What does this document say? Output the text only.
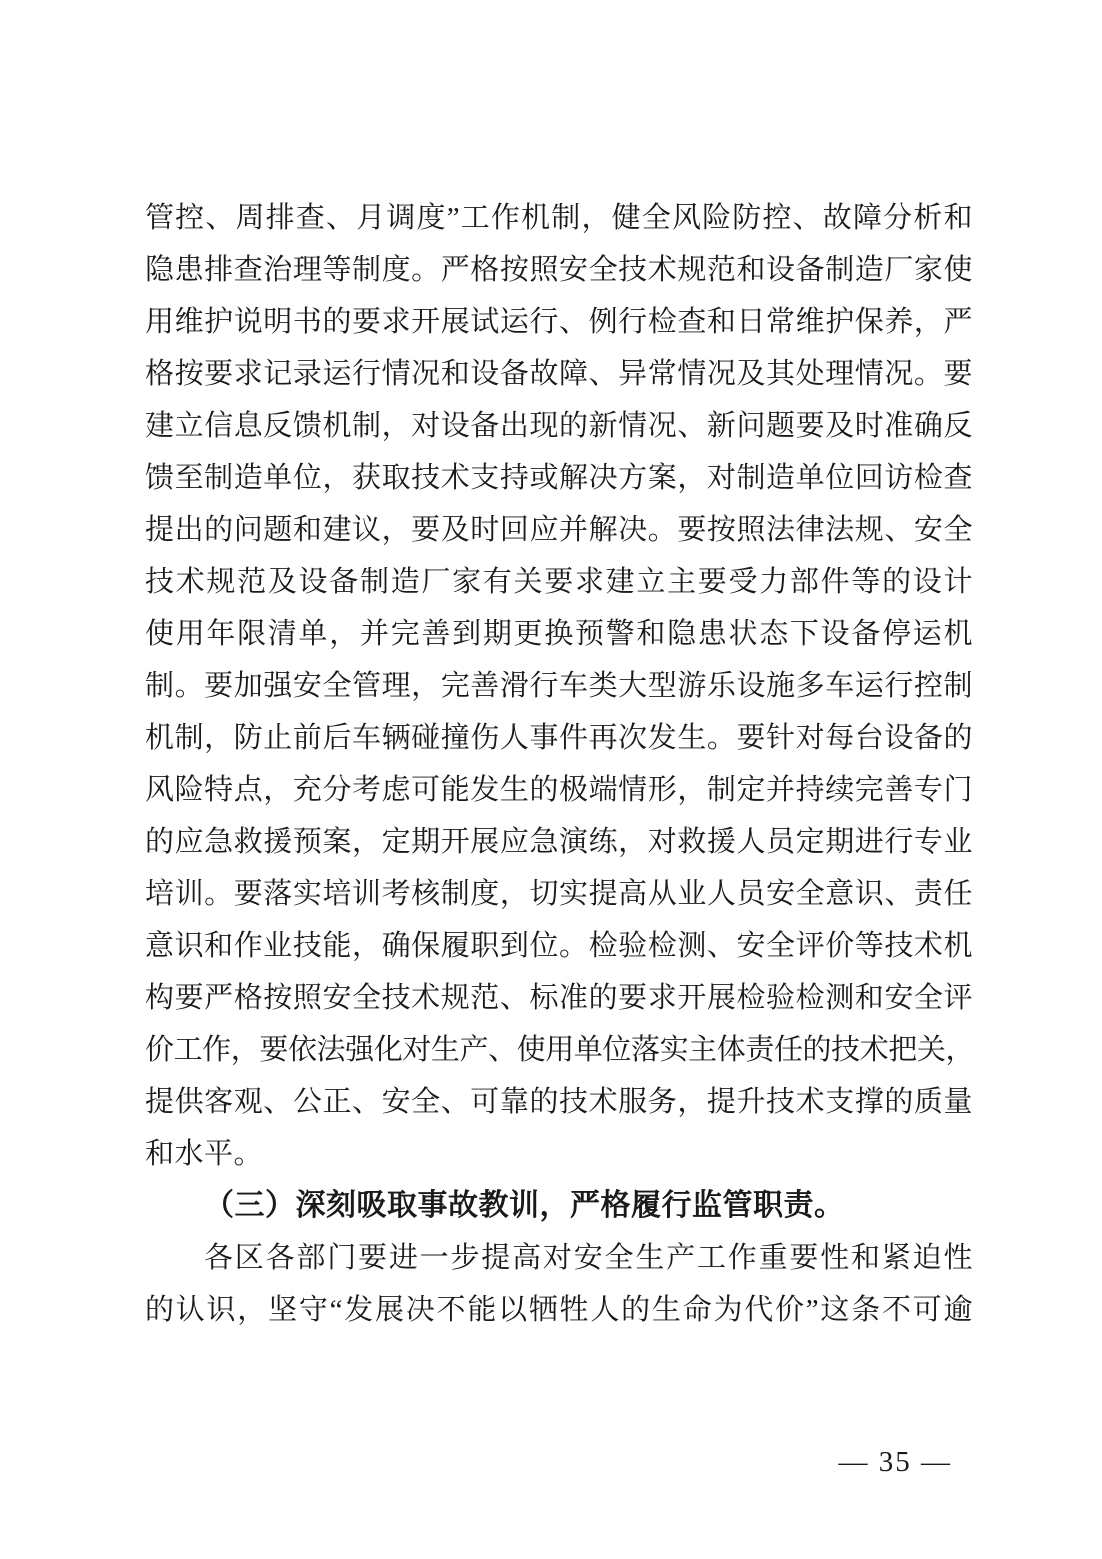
管控、周排查、月调度”工作机制，健全风险防控、故障分析和
隐患排查治理等制度。严格按照安全技术规范和设备制造厂家使
用维护说明书的要求开展试运行、例行检查和日常维护保养，严
格按要求记录运行情况和设备故障、异常情况及其处理情况。要
建立信息反馈机制，对设备出现的新情况、新问题要及时准确反
馈至制造单位，获取技术支持或解决方案，对制造单位回访检查
提出的问题和建议，要及时回应并解决。要按照法律法规、安全
技术规范及设备制造厂家有关要求建立主要受力部件等的设计
使用年限清单，并完善到期更换预警和隐患状态下设备停运机
制。要加强安全管理，完善滑行车类大型游乐设施多车运行控制
机制，防止前后车辆碰撞伤人事件再次发生。要针对每台设备的
风险特点，充分考虑可能发生的极端情形，制定并持续完善专门
的应急救援预案，定期开展应急演练，对救援人员定期进行专业
培训。要落实培训考核制度，切实提高从业人员安全意识、责任
意识和作业技能，确保履职到位。检验检测、安全评价等技术机
构要严格按照安全技术规范、标准的要求开展检验检测和安全评
价工作，要依法强化对生产、使用单位落实主体责任的技术把关，
提供客观、公正、安全、可靠的技术服务，提升技术支撑的质量
和水平。
（三）深刻吸取事故教训，严格履行监管职责。
各区各部门要进一步提高对安全生产工作重要性和紧迫性
的认识，坚守“发展决不能以牺牲人的生命为代价”这条不可逾
— 35 —
